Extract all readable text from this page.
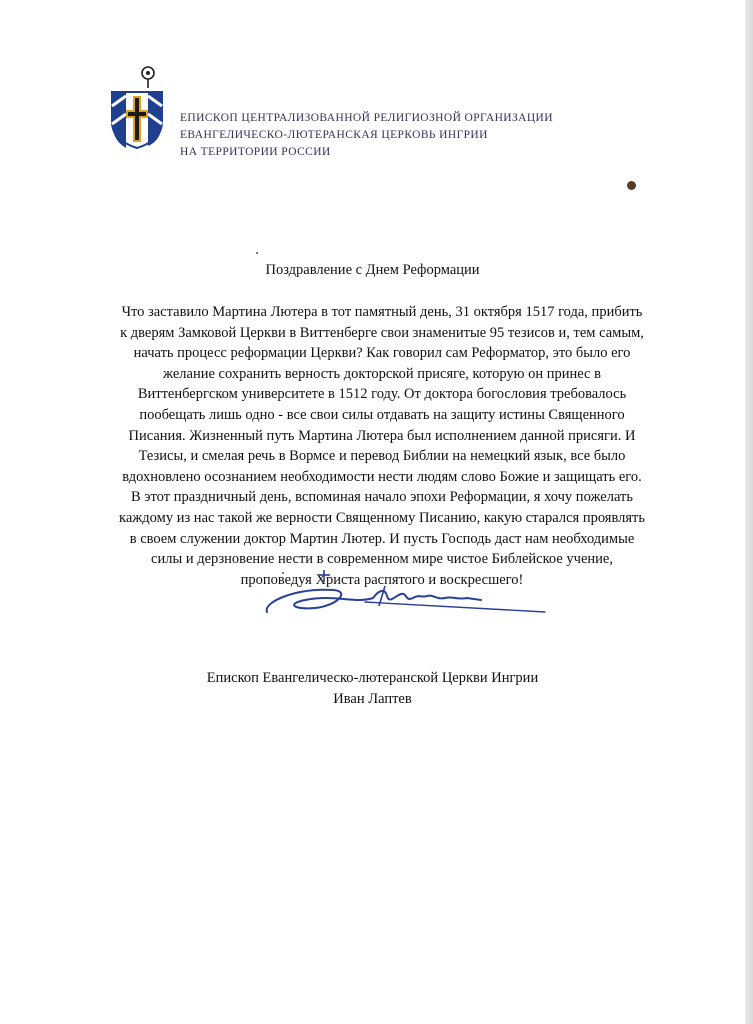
ЕПИСКОП ЦЕНТРАЛИЗОВАННОЙ РЕЛИГИОЗНОЙ ОРГАНИЗАЦИИ
ЕВАНГЕЛИЧЕСКО-ЛЮТЕРАНСКАЯ ЦЕРКОВЬ ИНГРИИ
НА ТЕРРИТОРИИ РОССИИ
Поздравление с Днем Реформации
Что заставило Мартина Лютера в тот памятный день, 31 октября 1517 года, прибить
к дверям Замковой Церкви в Виттенберге свои знаменитые 95 тезисов и, тем самым,
начать процесс реформации Церкви? Как говорил сам Реформатор, это было его
желание сохранить верность докторской присяге, которую он принес в
Виттенбергском университете в 1512 году. От доктора богословия требовалось
пообещать лишь одно - все свои силы отдавать на защиту истины Священного
Писания. Жизненный путь Мартина Лютера был исполнением данной присяги. И
Тезисы, и смелая речь в Вормсе и перевод Библии на немецкий язык, все было
вдохновлено осознанием необходимости нести людям слово Божие и защищать его.
В этот праздничный день, вспоминая начало эпохи Реформации, я хочу пожелать
каждому из нас такой же верности Священному Писанию, какую старался проявлять
в своем служении доктор Мартин Лютер. И пусть Господь даст нам необходимые
силы и дерзновение нести в современном мире чистое Библейское учение,
проповедуя Христа распятого и воскресшего!
Епископ Евангелическо-лютеранской Церкви Ингрии
Иван Лаптев
